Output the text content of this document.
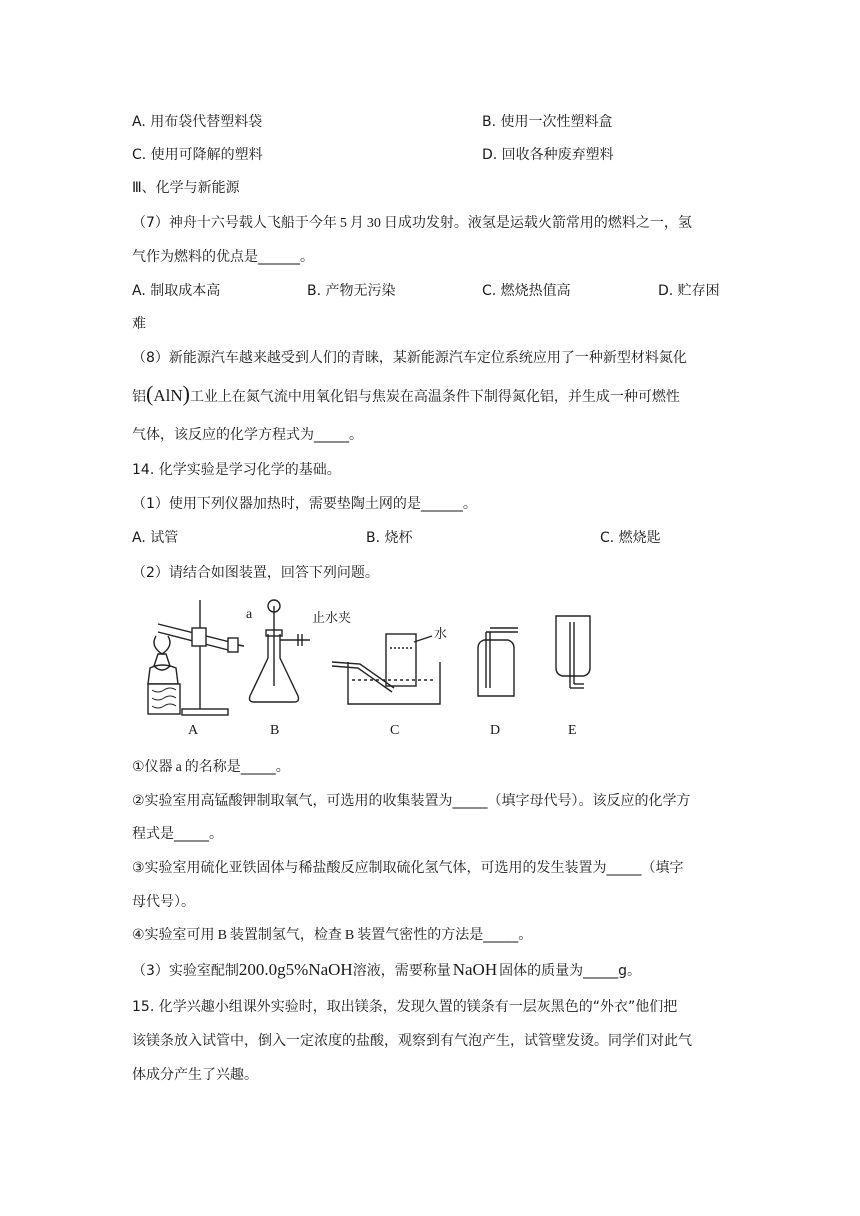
A. 用布袋代替塑料袋	B. 使用一次性塑料盒
C. 使用可降解的塑料	D. 回收各种废弃塑料
Ⅲ、化学与新能源
（7）神舟十六号载人飞船于今年 5 月 30 日成功发射。液氢是运载火箭常用的燃料之一，氢
气作为燃料的优点是______。
A. 制取成本高	B. 产物无污染	C. 燃烧热值高	D. 贮存困
难
（8）新能源汽车越来越受到人们的青睐，某新能源汽车定位系统应用了一种新型材料氮化
铝(AlN)工业上在氮气流中用氧化铝与焦炭在高温条件下制得氮化铝，并生成一种可燃性
气体，该反应的化学方程式为_____。
14. 化学实验是学习化学的基础。
（1）使用下列仪器加热时，需要垫陶土网的是______。
A. 试管	B. 烧杯	C. 燃烧匙
（2）请结合如图装置，回答下列问题。
a	止水夹
水
A	B	C	D	E
①仪器 a 的名称是_____。
②实验室用高锰酸钾制取氧气，可选用的收集装置为_____（填字母代号）。该反应的化学方
程式是_____。
③实验室用硫化亚铁固体与稀盐酸反应制取硫化氢气体，可选用的发生装置为_____（填字
母代号）。
④实验室可用 B 装置制氢气，检查 B 装置气密性的方法是_____。
（3）实验室配制200.0g5%NaOH溶液，需要称量 NaOH 固体的质量为_____g。
15. 化学兴趣小组课外实验时，取出镁条，发现久置的镁条有一层灰黑色的“外衣”他们把
该镁条放入试管中，倒入一定浓度的盐酸，观察到有气泡产生，试管壁发烫。同学们对此气
体成分产生了兴趣。
